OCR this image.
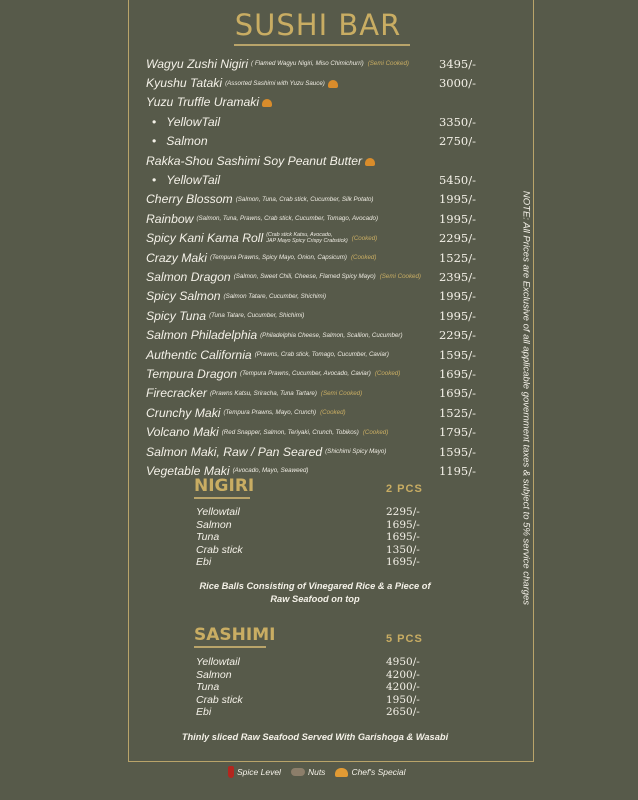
SUSHI BAR
Wagyu Zushi Nigiri ( Flamed Wagyu Nigiri, Miso Chimichurri) (Semi Cooked)	3495/-
Kyushu Tataki (Assorted Sashimi with Yuzu Sauce)	3000/-
Yuzu Truffle Uramaki
• YellowTail	3350/-
• Salmon	2750/-
Rakka-Shou Sashimi Soy Peanut Butter
• YellowTail	5450/-
Cherry Blossom (Salmon, Tuna, Crab stick, Cucumber, Silk Potato)	1995/-
Rainbow (Salmon, Tuna, Prawns, Crab stick, Cucumber, Tomago, Avocado)	1995/-
Spicy Kani Kama Roll (Crab stick Katsu, Avocado,
JAP Mayo Spicy Crispy Crabstick) (Cooked)	2295/-
Crazy Maki (Tempura Prawns, Spicy Mayo, Onion, Capsicum) (Cooked)	1525/-
Salmon Dragon (Salmon, Sweet Chili, Cheese, Flamed Spicy Mayo) (Semi Cooked) 2395/-
Spicy Salmon (Salmon Tatare, Cucumber, Shichimi)	1995/-
Spicy Tuna (Tuna Tatare, Cucumber, Shichimi)	1995/-
Salmon Philadelphia (Philadelphia Cheese, Salmon, Scallion, Cucumber)	2295/-
Authentic California (Prawns, Crab stick, Tomago, Cucumber, Caviar)	1595/-
Tempura Dragon (Tempura Prawns, Cucumber, Avocado, Caviar) (Cooked)	1695/-
Firecracker (Prawns Katsu, Sriracha, Tuna Tartare) (Semi Cooked)	1695/-
Crunchy Maki (Tempura Prawns, Mayo, Crunch) (Cooked)	1525/-
Volcano Maki (Red Snapper, Salmon, Teriyaki, Crunch, Tobikos) (Cooked)	1795/-
Salmon Maki, Raw / Pan Seared (Shichimi Spicy Mayo)	1595/-
Vegetable Maki (Avocado, Mayo, Seaweed)	1195/-
NIGIRI	2 PCS
Yellowtail	2295/-
Salmon	1695/-
Tuna	1695/-
Crab stick	1350/-
Ebi	1695/-
Rice Balls Consisting of Vinegared Rice & a Piece of
Raw Seafood on top
SASHIMI	5 PCS
Yellowtail	4950/-
Salmon	4200/-
Tuna	4200/-
Crab stick	1950/-
Ebi	2650/-
Thinly sliced Raw Seafood Served With Garishoga & Wasabi
NOTE: All Prices are Exclusive of all applicable government taxes & subject to 5% service charges
Spice Level	Nuts	Chef's Special
